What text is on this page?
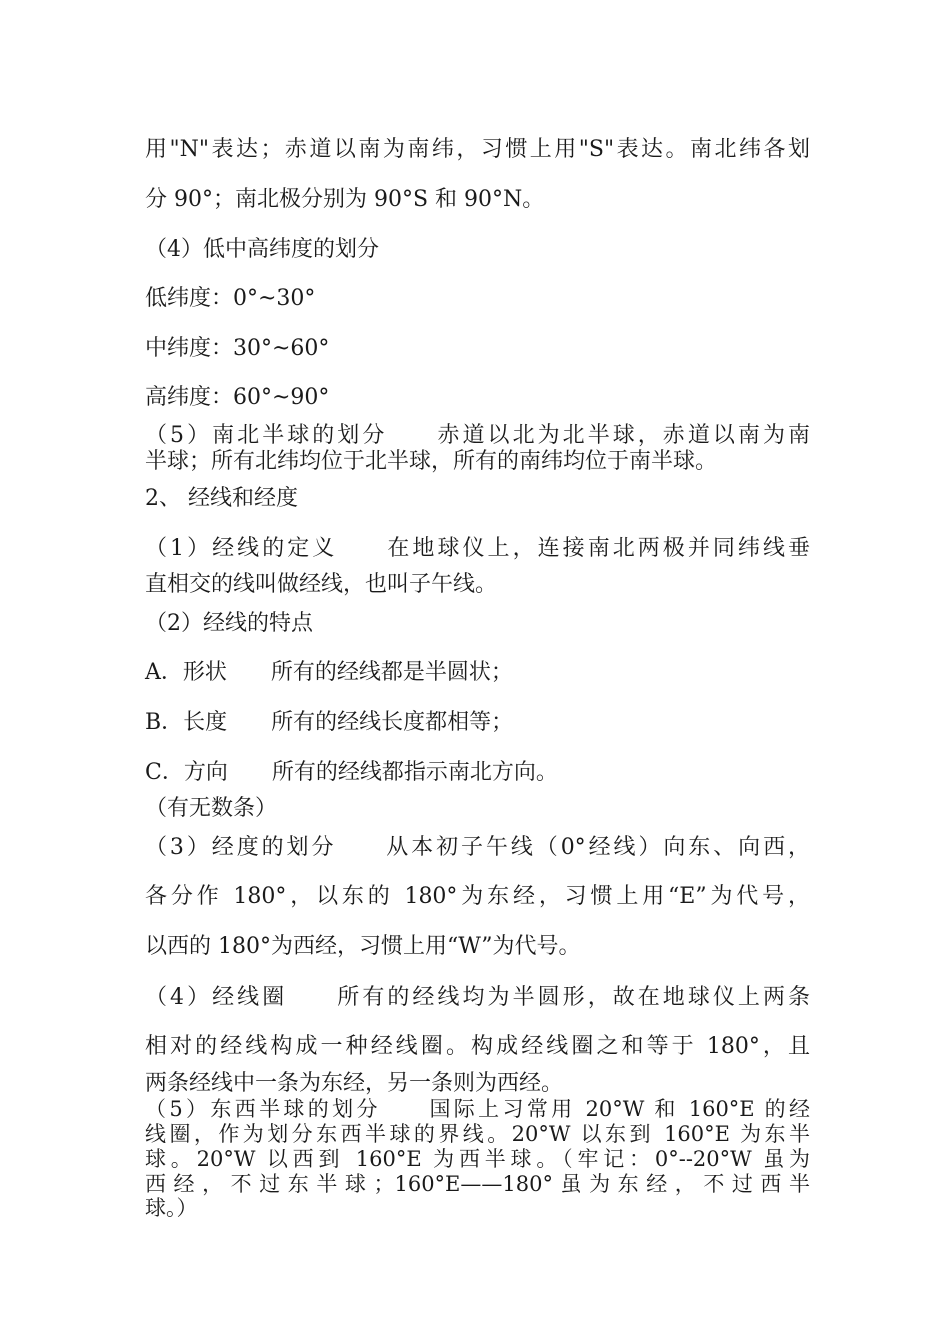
用"N"表达；赤道以南为南纬，习惯上用"S"表达。南北纬各划
分 90°；南北极分别为 90°S 和 90°N。
（4）低中高纬度的划分
低纬度：0°~30°
中纬度：30°~60°
高纬度：60°~90°
（5）南北半球的划分　　赤道以北为北半球，赤道以南为南
半球；所有北纬均位于北半球，所有的南纬均位于南半球。
2、 经线和经度
（1）经线的定义　　在地球仪上，连接南北两极并同纬线垂
直相交的线叫做经线，也叫子午线。
（2）经线的特点
A．形状　　所有的经线都是半圆状；
B．长度　　所有的经线长度都相等；
C．方向　　所有的经线都指示南北方向。
（有无数条）
（3）经度的划分　　从本初子午线（0°经线）向东、向西，
各分作 180°，以东的 180°为东经，习惯上用“E”为代号，
以西的 180°为西经，习惯上用“W”为代号。
（4）经线圈　　所有的经线均为半圆形，故在地球仪上两条
相对的经线构成一种经线圈。构成经线圈之和等于 180°，且
两条经线中一条为东经，另一条则为西经。
（5）东西半球的划分　　国际上习常用 20°W 和 160°E 的经
线圈，作为划分东西半球的界线。20°W 以东到 160°E 为东半
球。20°W 以西到 160°E 为西半球。（牢记：0°--20°W 虽为
西经，不过东半球；160°E——180°虽为东经，不过西半
球。）
